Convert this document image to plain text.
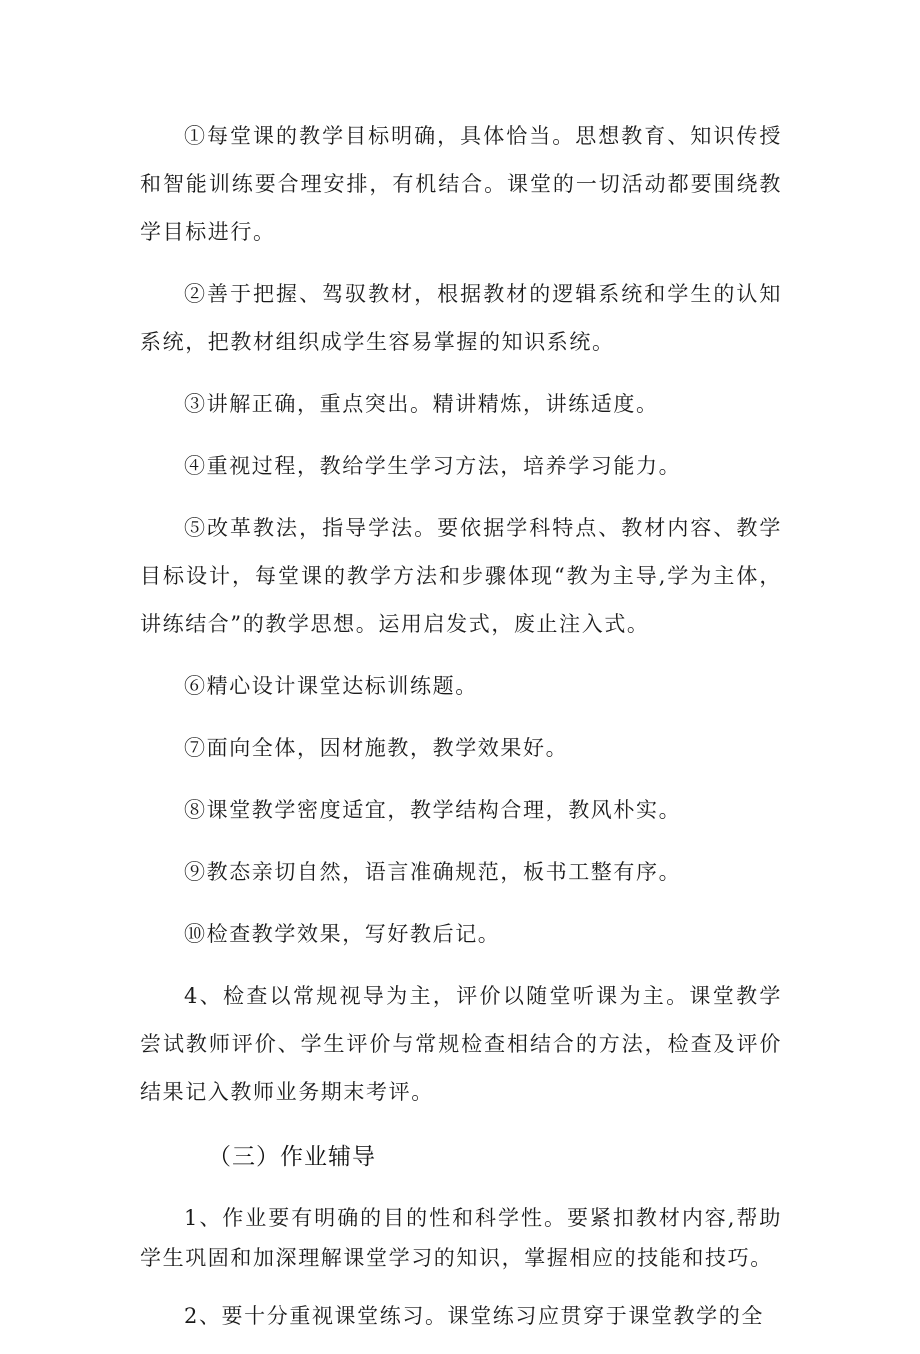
①每堂课的教学目标明确，具体恰当。思想教育、知识传授和智能训练要合理安排，有机结合。课堂的一切活动都要围绕教学目标进行。

②善于把握、驾驭教材，根据教材的逻辑系统和学生的认知系统，把教材组织成学生容易掌握的知识系统。

③讲解正确，重点突出。精讲精炼，讲练适度。

④重视过程，教给学生学习方法，培养学习能力。

⑤改革教法，指导学法。要依据学科特点、教材内容、教学目标设计，每堂课的教学方法和步骤体现“教为主导,学为主体，讲练结合”的教学思想。运用启发式，废止注入式。

⑥精心设计课堂达标训练题。

⑦面向全体，因材施教，教学效果好。

⑧课堂教学密度适宜，教学结构合理，教风朴实。

⑨教态亲切自然，语言准确规范，板书工整有序。

⑩检查教学效果，写好教后记。

4、检查以常规视导为主，评价以随堂听课为主。课堂教学尝试教师评价、学生评价与常规检查相结合的方法，检查及评价结果记入教师业务期末考评。

（三）作业辅导

1、作业要有明确的目的性和科学性。要紧扣教材内容,帮助学生巩固和加深理解课堂学习的知识，掌握相应的技能和技巧。

2、要十分重视课堂练习。课堂练习应贯穿于课堂教学的全
